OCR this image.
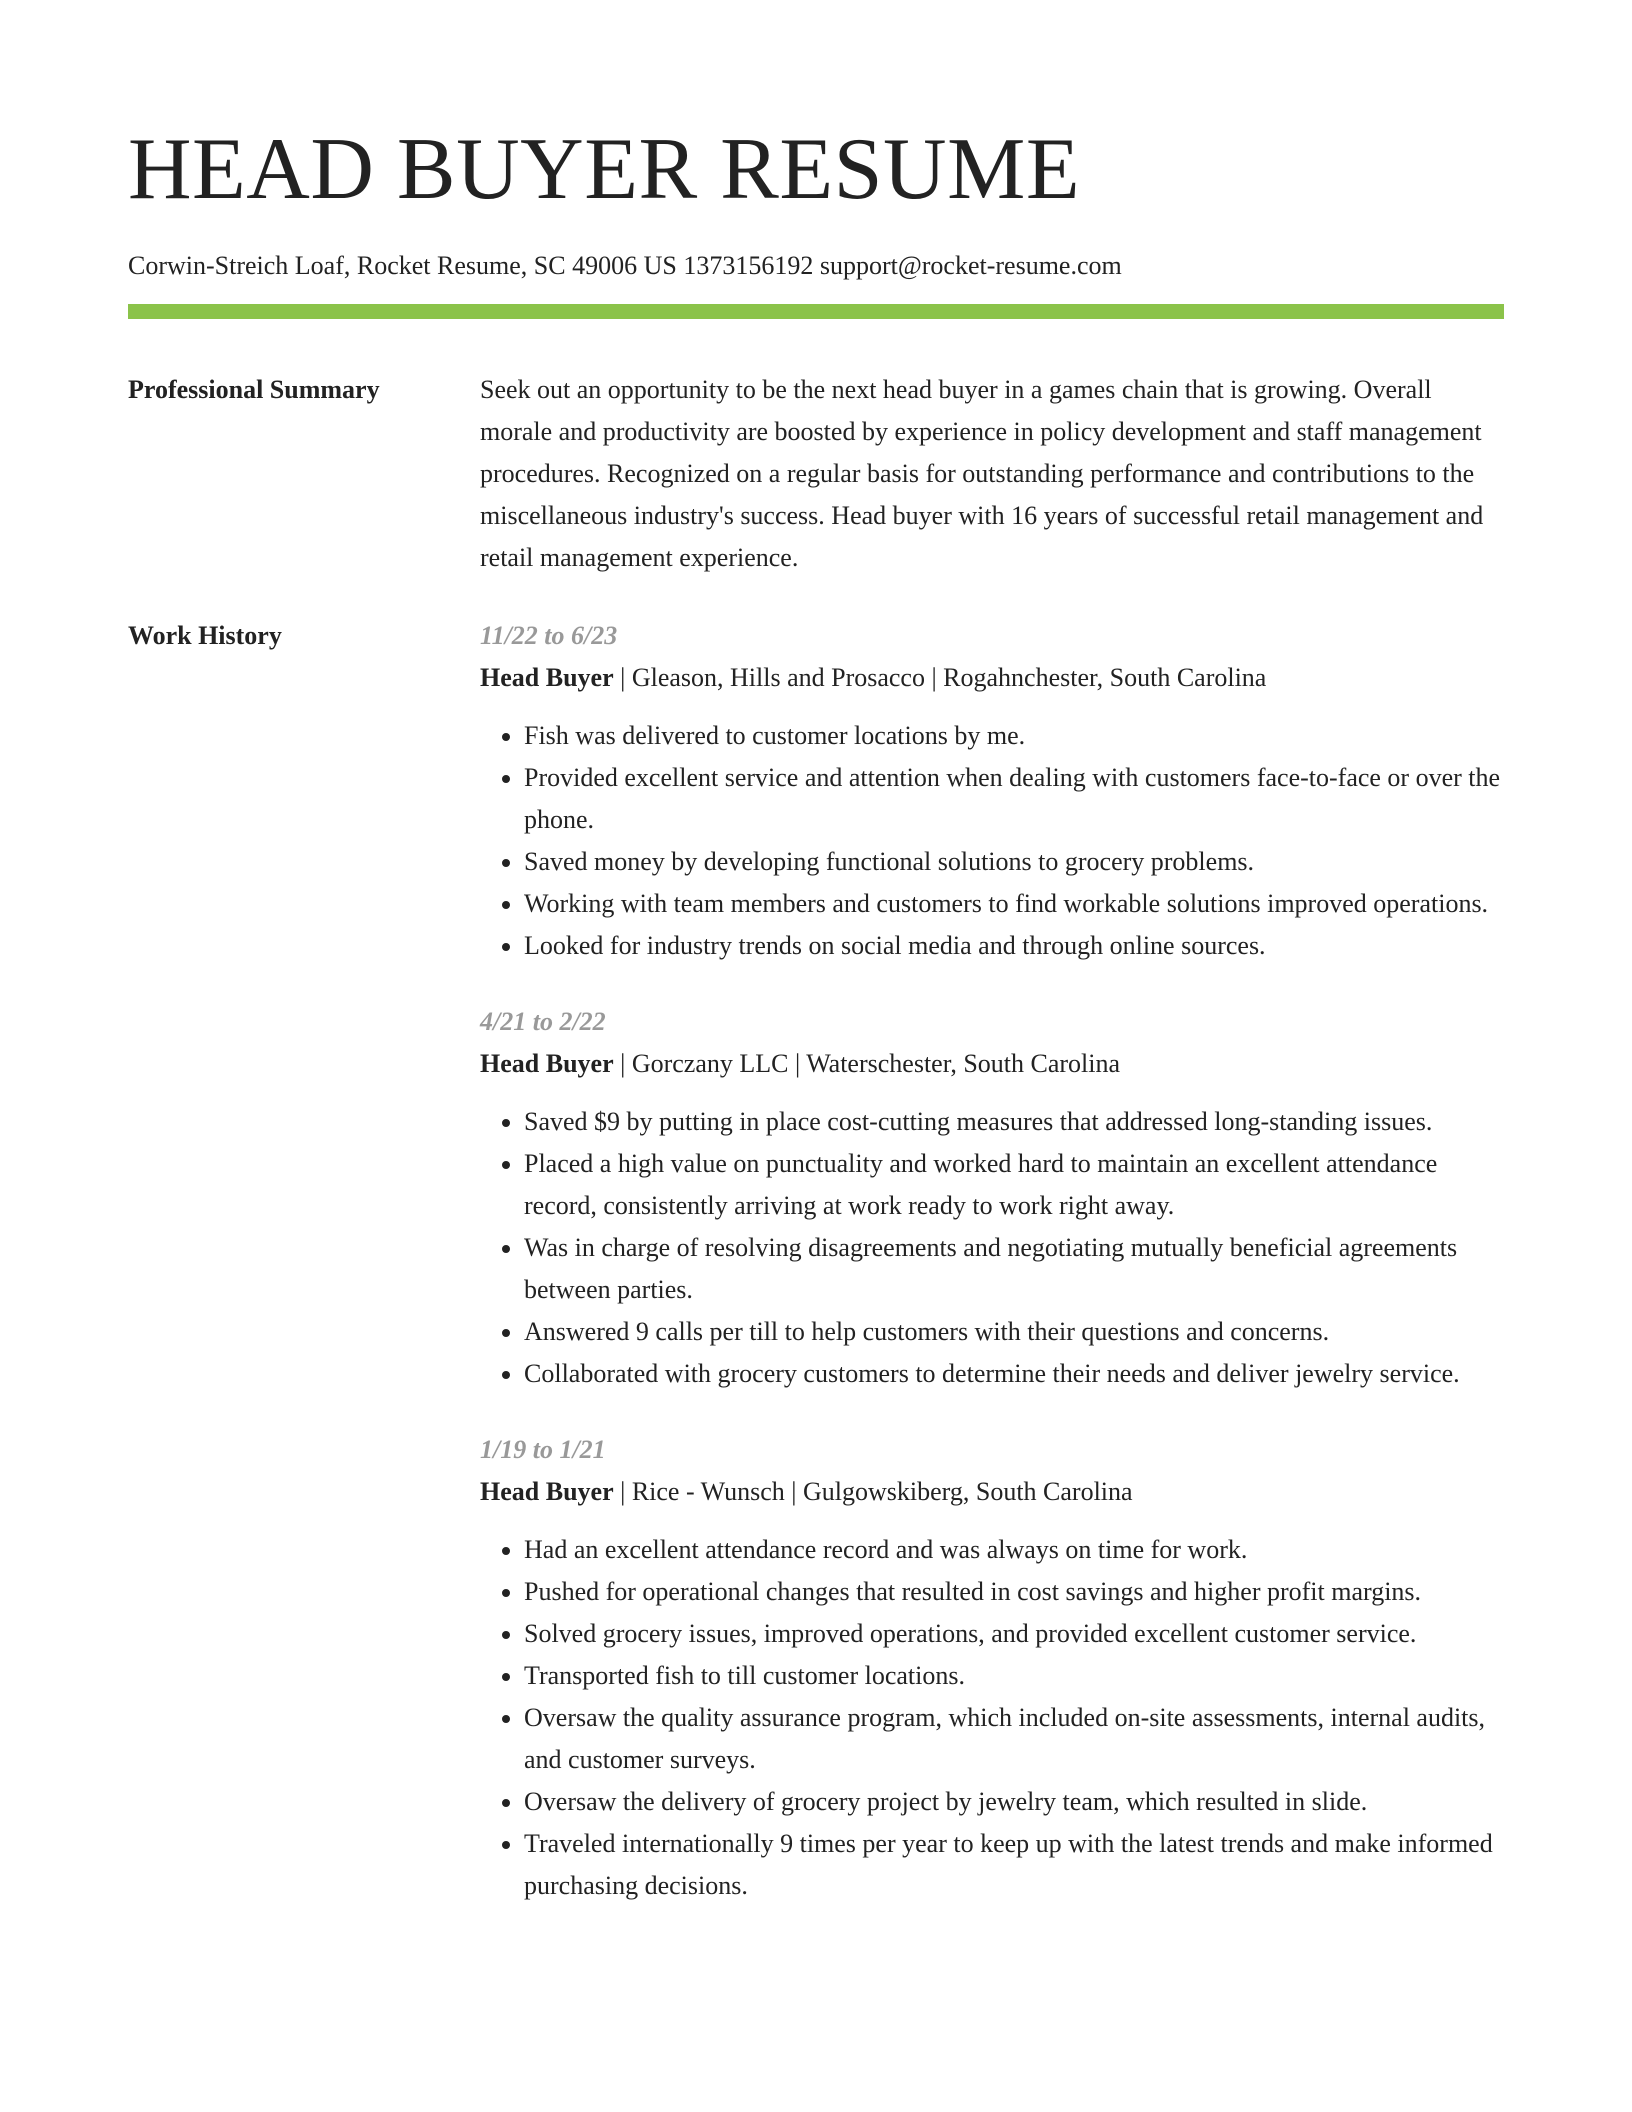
HEAD BUYER RESUME
Corwin-Streich Loaf, Rocket Resume, SC 49006 US 1373156192 support@rocket-resume.com
Professional Summary	Seek out an opportunity to be the next head buyer in a games chain that is growing. Overall morale and productivity are boosted by experience in policy development and staff management procedures. Recognized on a regular basis for outstanding performance and contributions to the miscellaneous industry's success. Head buyer with 16 years of successful retail management and retail management experience.

Work History	11/22 to 6/23
Head Buyer | Gleason, Hills and Prosacco | Rogahnchester, South Carolina
• Fish was delivered to customer locations by me.
• Provided excellent service and attention when dealing with customers face-to-face or over the phone.
• Saved money by developing functional solutions to grocery problems.
• Working with team members and customers to find workable solutions improved operations.
• Looked for industry trends on social media and through online sources.
4/21 to 2/22
Head Buyer | Gorczany LLC | Waterschester, South Carolina
• Saved $9 by putting in place cost-cutting measures that addressed long-standing issues.
• Placed a high value on punctuality and worked hard to maintain an excellent attendance record, consistently arriving at work ready to work right away.
• Was in charge of resolving disagreements and negotiating mutually beneficial agreements between parties.
• Answered 9 calls per till to help customers with their questions and concerns.
• Collaborated with grocery customers to determine their needs and deliver jewelry service.
1/19 to 1/21
Head Buyer | Rice - Wunsch | Gulgowskiberg, South Carolina
• Had an excellent attendance record and was always on time for work.
• Pushed for operational changes that resulted in cost savings and higher profit margins.
• Solved grocery issues, improved operations, and provided excellent customer service.
• Transported fish to till customer locations.
• Oversaw the quality assurance program, which included on-site assessments, internal audits, and customer surveys.
• Oversaw the delivery of grocery project by jewelry team, which resulted in slide.
• Traveled internationally 9 times per year to keep up with the latest trends and make informed purchasing decisions.
